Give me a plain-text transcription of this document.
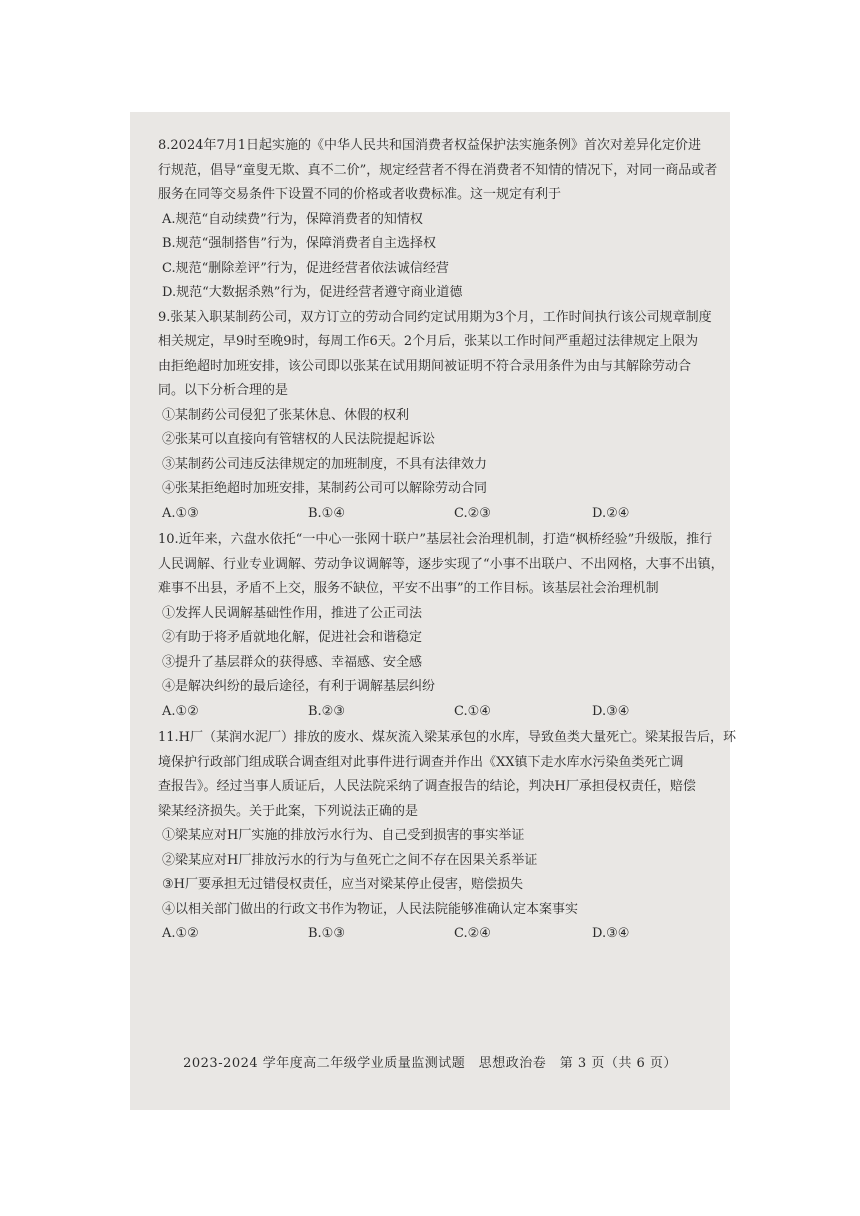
8.2024年7月1日起实施的《中华人民共和国消费者权益保护法实施条例》首次对差异化定价进
行规范，倡导“童叟无欺、真不二价”，规定经营者不得在消费者不知情的情况下，对同一商品或者
服务在同等交易条件下设置不同的价格或者收费标准。这一规定有利于
A.规范“自动续费”行为，保障消费者的知情权
B.规范“强制搭售”行为，保障消费者自主选择权
C.规范“删除差评”行为，促进经营者依法诚信经营
D.规范“大数据杀熟”行为，促进经营者遵守商业道德
9.张某入职某制药公司，双方订立的劳动合同约定试用期为3个月，工作时间执行该公司规章制度
相关规定，早9时至晚9时，每周工作6天。2个月后，张某以工作时间严重超过法律规定上限为
由拒绝超时加班安排，该公司即以张某在试用期间被证明不符合录用条件为由与其解除劳动合
同。以下分析合理的是
①某制药公司侵犯了张某休息、休假的权利
②张某可以直接向有管辖权的人民法院提起诉讼
③某制药公司违反法律规定的加班制度，不具有法律效力
④张某拒绝超时加班安排，某制药公司可以解除劳动合同
A.①③	B.①④	C.②③	D.②④
10.近年来，六盘水依托“一中心一张网十联户”基层社会治理机制，打造“枫桥经验”升级版，推行
人民调解、行业专业调解、劳动争议调解等，逐步实现了“小事不出联户、不出网格，大事不出镇，
难事不出县，矛盾不上交，服务不缺位，平安不出事”的工作目标。该基层社会治理机制
①发挥人民调解基础性作用，推进了公正司法
②有助于将矛盾就地化解，促进社会和谐稳定
③提升了基层群众的获得感、幸福感、安全感
④是解决纠纷的最后途径，有利于调解基层纠纷
A.①②	B.②③	C.①④	D.③④
11.H厂（某润水泥厂）排放的废水、煤灰流入梁某承包的水库，导致鱼类大量死亡。梁某报告后，环
境保护行政部门组成联合调查组对此事件进行调查并作出《XX镇下走水库水污染鱼类死亡调
查报告》。经过当事人质证后，人民法院采纳了调查报告的结论，判决H厂承担侵权责任，赔偿
梁某经济损失。关于此案，下列说法正确的是
①梁某应对H厂实施的排放污水行为、自己受到损害的事实举证
②梁某应对H厂排放污水的行为与鱼死亡之间不存在因果关系举证
③H厂要承担无过错侵权责任，应当对梁某停止侵害，赔偿损失
④以相关部门做出的行政文书作为物证，人民法院能够准确认定本案事实
A.①②	B.①③	C.②④	D.③④
2023-2024 学年度高二年级学业质量监测试题　思想政治卷　第 3 页（共 6 页）
